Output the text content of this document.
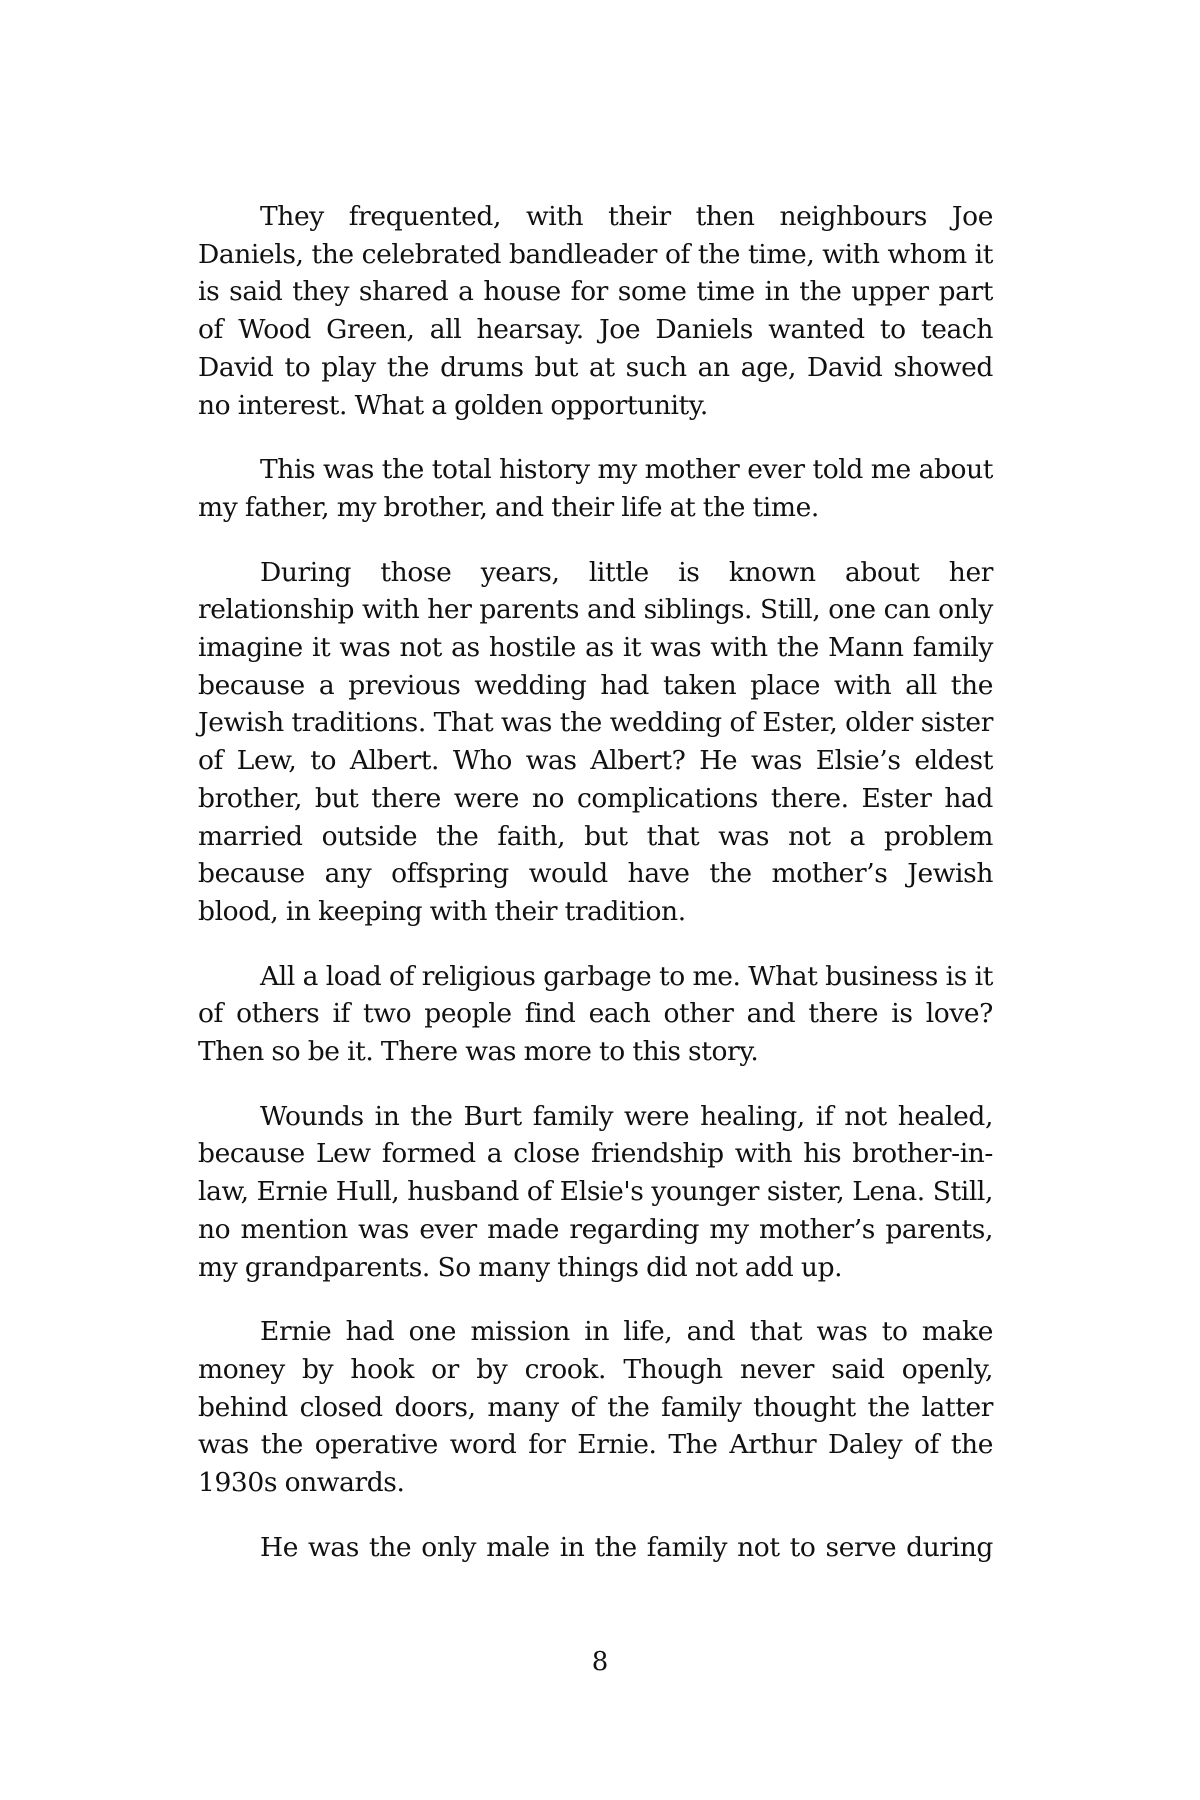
They frequented, with their then neighbours Joe Daniels, the celebrated bandleader of the time, with whom it is said they shared a house for some time in the upper part of Wood Green, all hearsay. Joe Daniels wanted to teach David to play the drums but at such an age, David showed no interest. What a golden opportunity.

This was the total history my mother ever told me about my father, my brother, and their life at the time.

During those years, little is known about her relationship with her parents and siblings. Still, one can only imagine it was not as hostile as it was with the Mann family because a previous wedding had taken place with all the Jewish traditions. That was the wedding of Ester, older sister of Lew, to Albert. Who was Albert? He was Elsie’s eldest brother, but there were no complications there. Ester had married outside the faith, but that was not a problem because any offspring would have the mother’s Jewish blood, in keeping with their tradition.

All a load of religious garbage to me. What business is it of others if two people find each other and there is love? Then so be it. There was more to this story.

Wounds in the Burt family were healing, if not healed, because Lew formed a close friendship with his brother-in-law, Ernie Hull, husband of Elsie's younger sister, Lena. Still, no mention was ever made regarding my mother’s parents, my grandparents. So many things did not add up.

Ernie had one mission in life, and that was to make money by hook or by crook. Though never said openly, behind closed doors, many of the family thought the latter was the operative word for Ernie. The Arthur Daley of the 1930s onwards.

He was the only male in the family not to serve during

8
